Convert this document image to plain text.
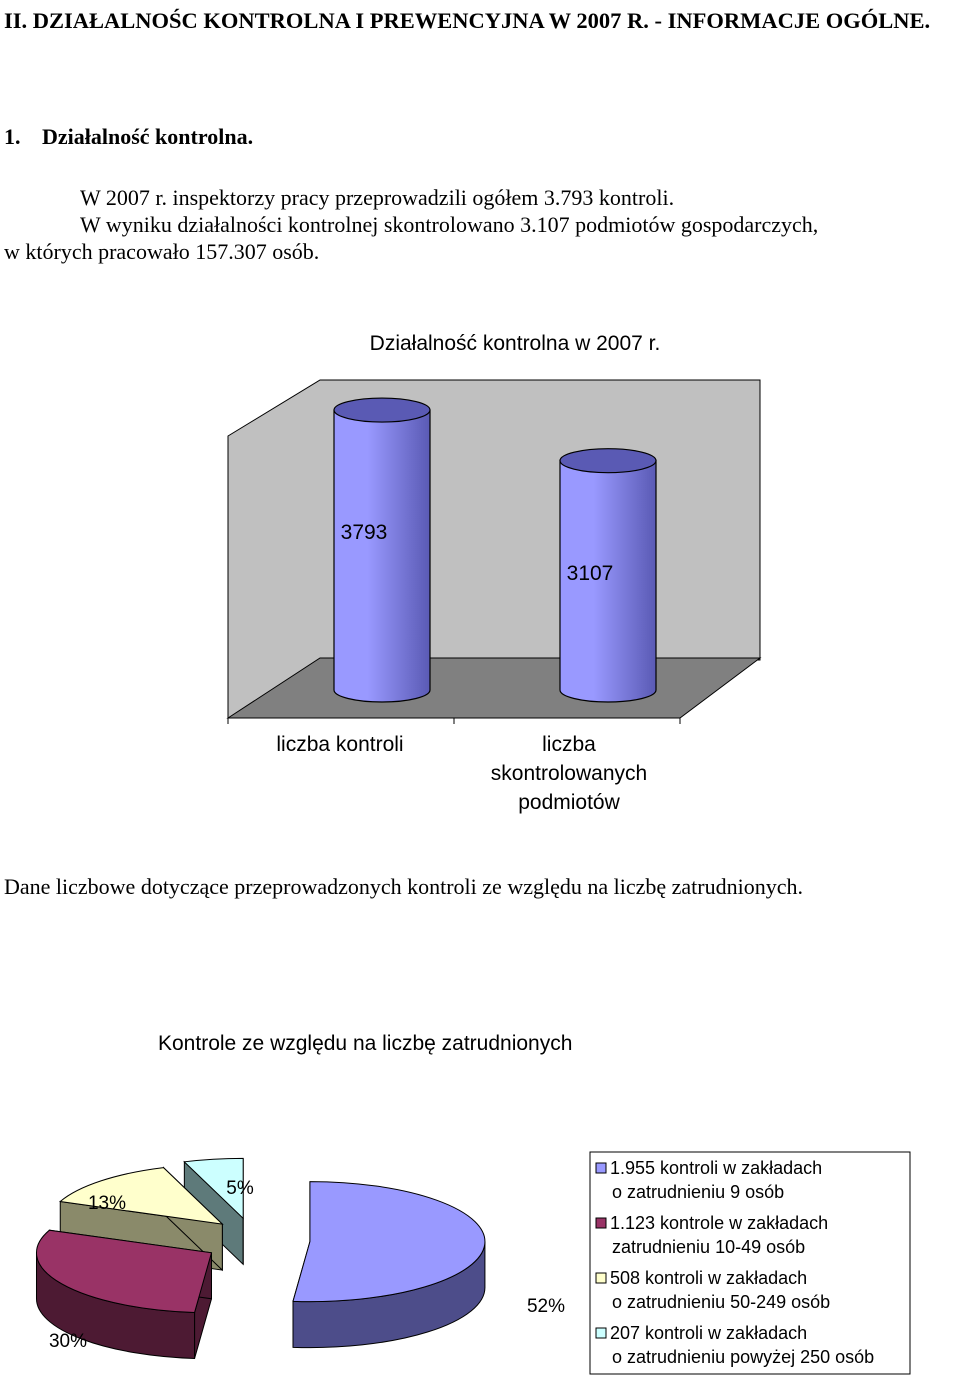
II. DZIAŁALNOŚC KONTROLNA I PREWENCYJNA W 2007 R. - INFORMACJE OGÓLNE.
1. Działalność kontrolna.
W 2007 r. inspektorzy pracy przeprowadzili ogółem 3.793 kontroli.
W wyniku działalności kontrolnej skontrolowano 3.107 podmiotów gospodarczych,
w których pracowało 157.307 osób.
Działalność kontrolna w 2007 r.
3793
3107
liczba kontroli	liczba skontrolowanych podmiotów
Dane liczbowe dotyczące przeprowadzonych kontroli ze względu na liczbę zatrudnionych.
Kontrole ze względu na liczbę zatrudnionych
52%
30%
13%
5%
1.955 kontroli w zakładach o zatrudnieniu 9 osób
1.123 kontrole w zakładach zatrudnieniu 10-49 osób
508 kontroli w zakładach o zatrudnieniu 50-249 osób
207 kontroli w zakładach o zatrudnieniu powyżej 250 osób
